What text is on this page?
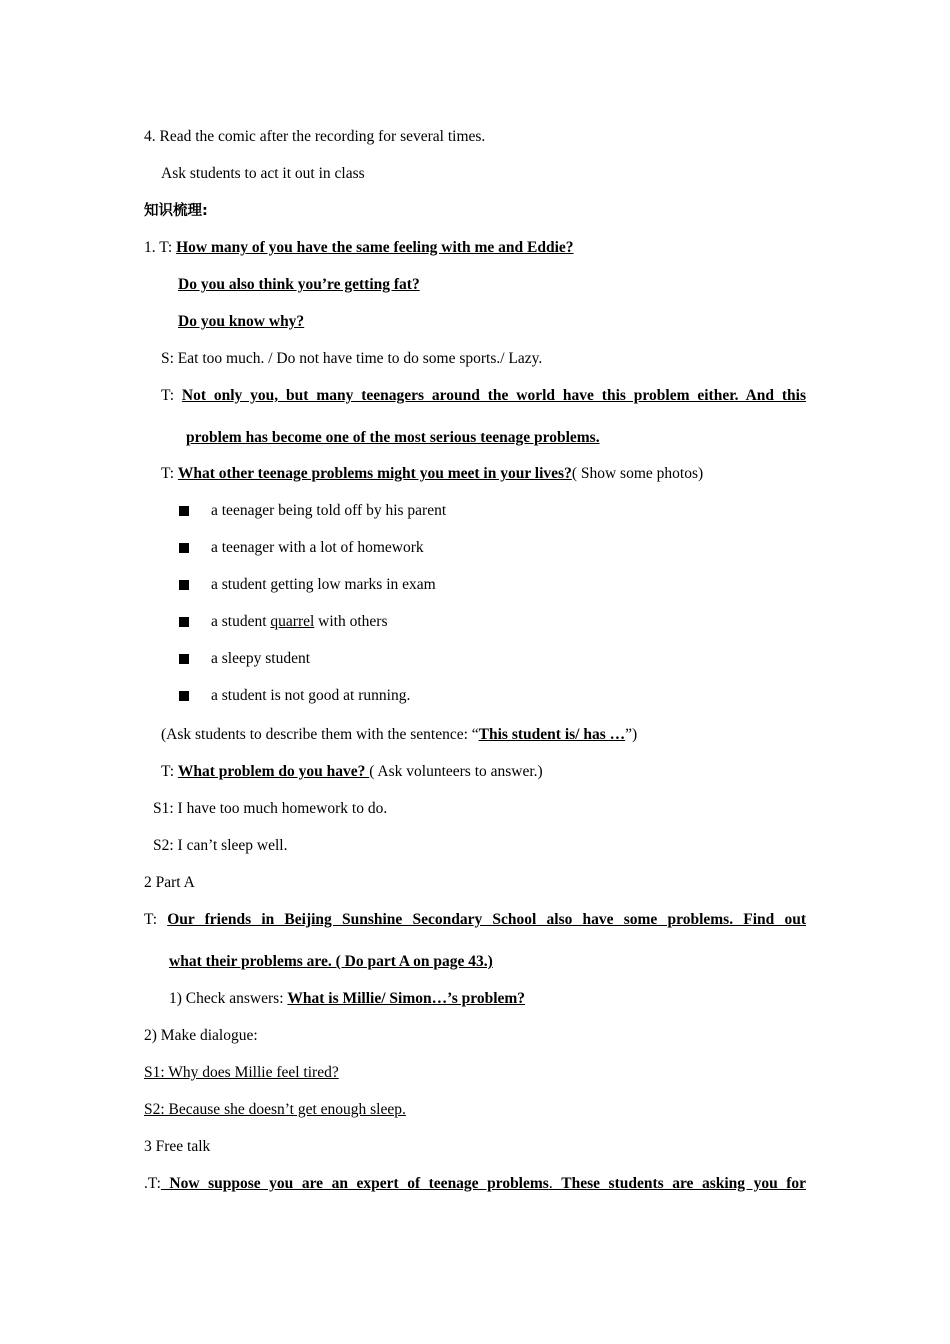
4. Read the comic after the recording for several times.
Ask students to act it out in class
知识梳理:
1. T: How many of you have the same feeling with me and Eddie?
Do you also think you’re getting fat?
Do you know why?
S: Eat too much. / Do not have time to do some sports./ Lazy.
T: Not only you, but many teenagers around the world have this problem either. And this
problem has become one of the most serious teenage problems.
T: What other teenage problems might you meet in your lives?( Show some photos)
a teenager being told off by his parent
a teenager with a lot of homework
a student getting low marks in exam
a student quarrel with others
a sleepy student
a student is not good at running.
(Ask students to describe them with the sentence: “This student is/ has …”)
T: What problem do you have? ( Ask volunteers to answer.)
S1: I have too much homework to do.
S2: I can’t sleep well.
2 Part A
T: Our friends in Beijing Sunshine Secondary School also have some problems. Find out
what their problems are. ( Do part A on page 43.)
1) Check answers: What is Millie/ Simon…’s problem?
2) Make dialogue:
S1: Why does Millie feel tired?
S2: Because she doesn’t get enough sleep.
3 Free talk
.T: Now suppose you are an expert of teenage problems. These students are asking you for
